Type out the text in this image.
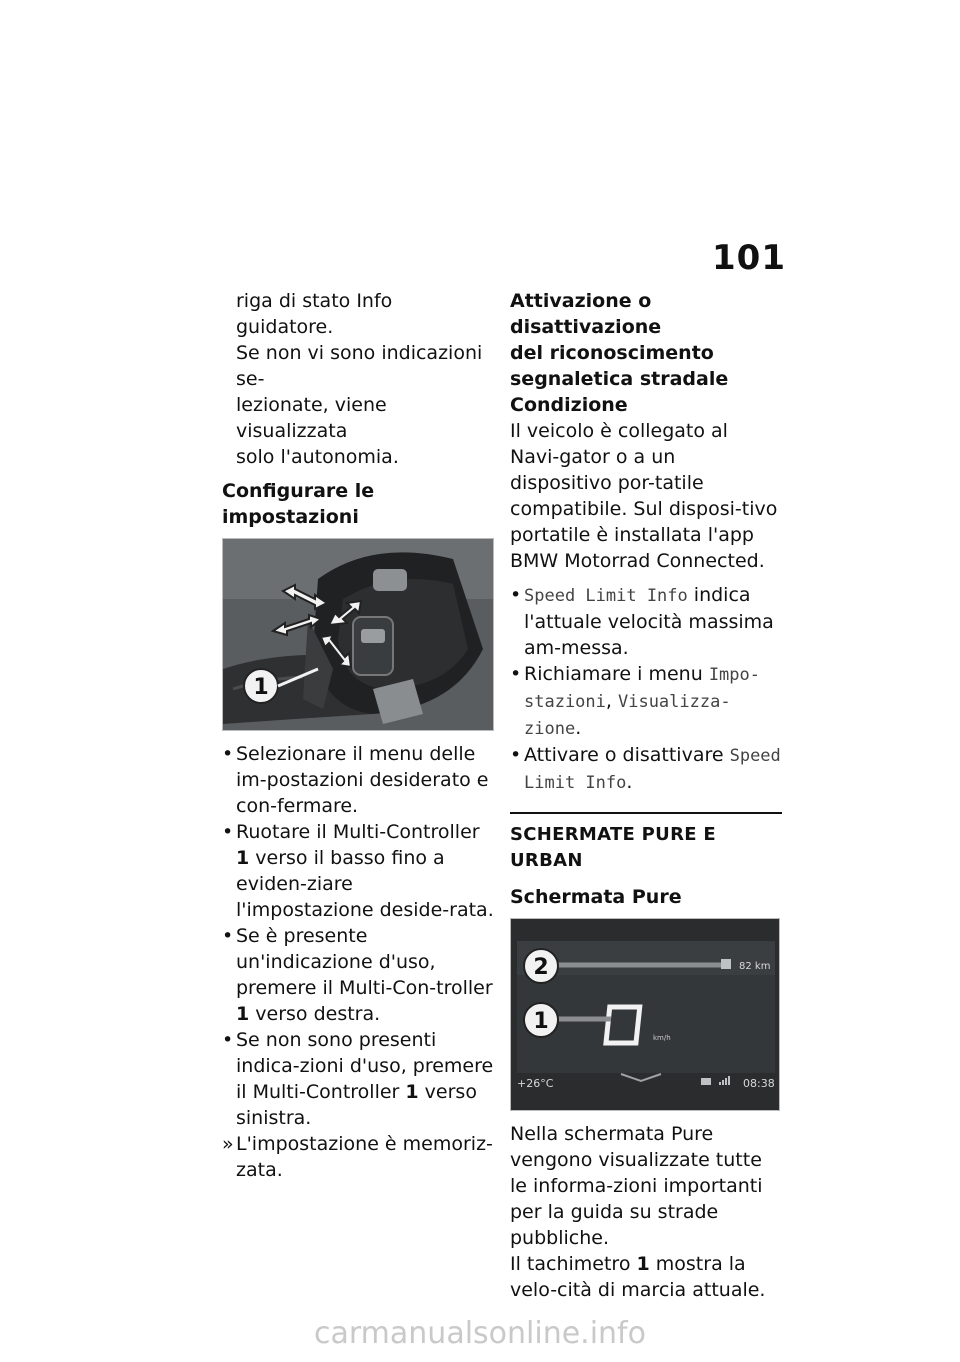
101
riga di stato Info guidatore.
Se non vi sono indicazioni se-
lezionate, viene visualizzata
solo l'autonomia.
Configurare le impostazioni
1
• Selezionare il menu delle im-postazioni desiderato e con-fermare.
• Ruotare il Multi-Controller 1 verso il basso fino a eviden-ziare l'impostazione deside-rata.
• Se è presente un'indicazione d'uso, premere il Multi-Con-troller 1 verso destra.
• Se non sono presenti indica-zioni d'uso, premere il Multi-Controller 1 verso sinistra.
» L'impostazione è memoriz-zata.
Attivazione o disattivazione
del riconoscimento
segnaletica stradale
Condizione
Il veicolo è collegato al Navi-gator o a un dispositivo por-tatile compatibile. Sul disposi-tivo portatile è installata l'app BMW Motorrad Connected.
• Speed Limit Info indica l'attuale velocità massima am-messa.
• Richiamare i menu Impo-stazioni, Visualizza-zione.
• Attivare o disattivare Speed Limit Info.
SCHERMATE PURE E URBAN
Schermata Pure
2
1
82 km
km/h
+26°C	08:38
Nella schermata Pure vengono visualizzate tutte le informa-zioni importanti per la guida su strade pubbliche.
Il tachimetro 1 mostra la velo-cità di marcia attuale.
carmanualsonline.info
